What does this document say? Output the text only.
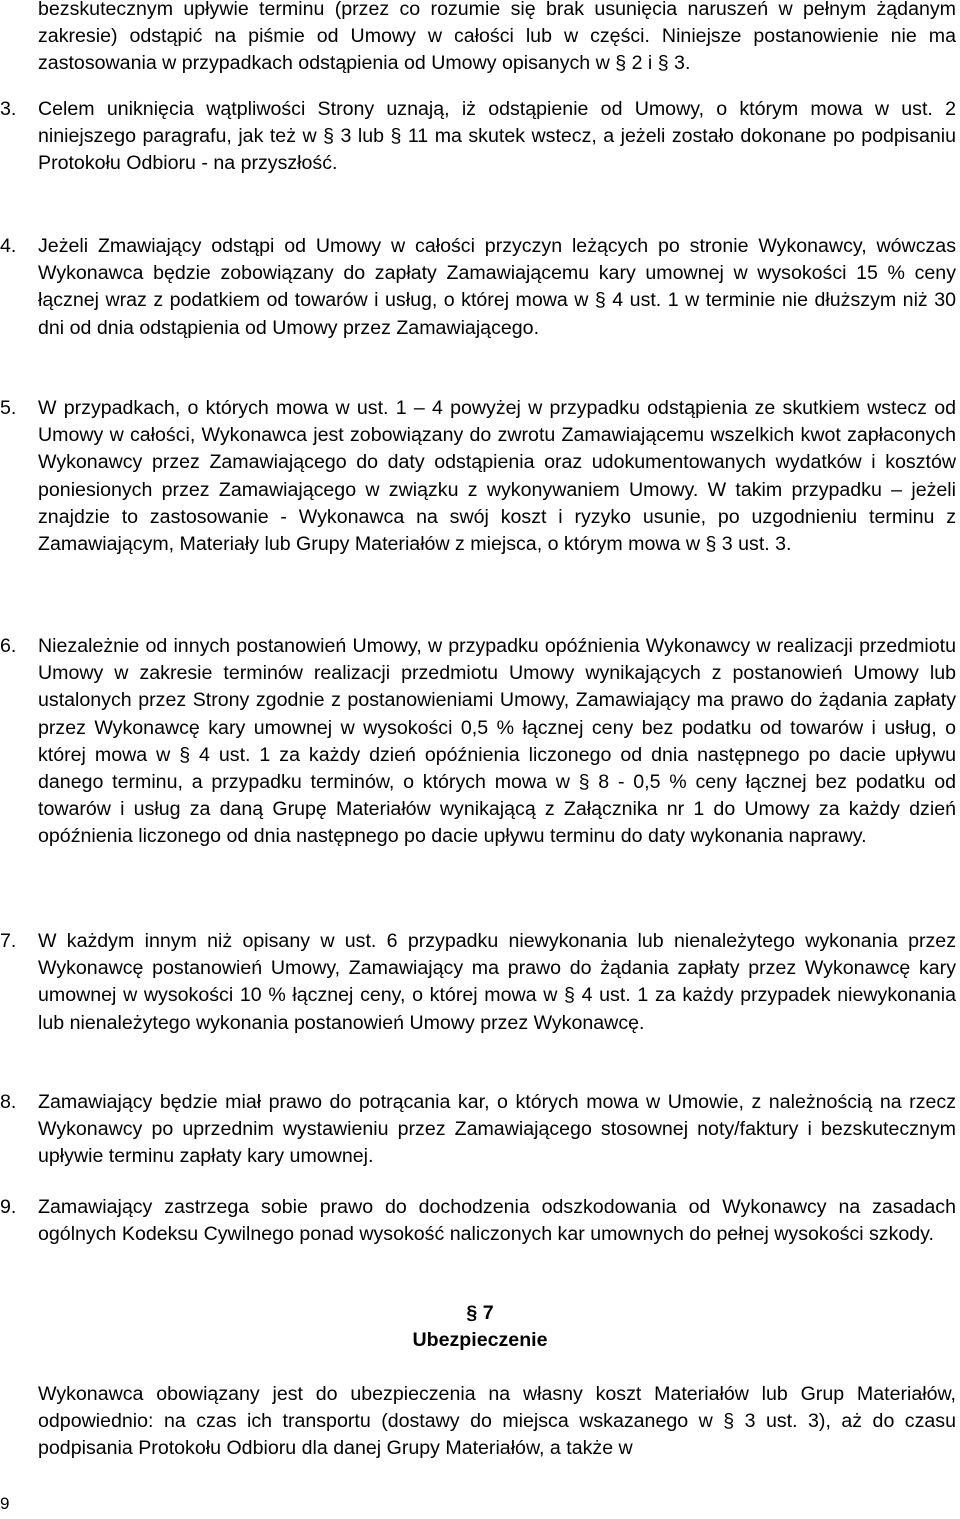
bezskutecznym upływie terminu (przez co rozumie się brak usunięcia naruszeń w pełnym żądanym zakresie) odstąpić na piśmie od Umowy w całości lub w części. Niniejsze postanowienie nie ma zastosowania w przypadkach odstąpienia od Umowy opisanych w § 2 i § 3.

3.	Celem uniknięcia wątpliwości Strony uznają, iż odstąpienie od Umowy, o którym mowa w ust. 2 niniejszego paragrafu, jak też w § 3 lub § 11 ma skutek wstecz, a jeżeli zostało dokonane po podpisaniu Protokołu Odbioru - na przyszłość.
4.	Jeżeli Zmawiający odstąpi od Umowy w całości przyczyn leżących po stronie Wykonawcy, wówczas Wykonawca będzie zobowiązany do zapłaty Zamawiającemu kary umownej w wysokości 15 % ceny łącznej wraz z podatkiem od towarów i usług, o której mowa w § 4 ust. 1 w terminie nie dłuższym niż 30 dni od dnia odstąpienia od Umowy przez Zamawiającego.
5.	W przypadkach, o których mowa w ust. 1 – 4 powyżej w przypadku odstąpienia ze skutkiem wstecz od Umowy w całości, Wykonawca jest zobowiązany do zwrotu Zamawiającemu wszelkich kwot zapłaconych Wykonawcy przez Zamawiającego do daty odstąpienia oraz udokumentowanych wydatków i kosztów poniesionych przez Zamawiającego w związku z wykonywaniem Umowy. W takim przypadku – jeżeli znajdzie to zastosowanie - Wykonawca na swój koszt i ryzyko usunie, po uzgodnieniu terminu z Zamawiającym, Materiały lub Grupy Materiałów z miejsca, o którym mowa w § 3 ust. 3.
6.	Niezależnie od innych postanowień Umowy, w przypadku opóźnienia Wykonawcy w realizacji przedmiotu Umowy w zakresie terminów realizacji przedmiotu Umowy wynikających z postanowień Umowy lub ustalonych przez Strony zgodnie z postanowieniami Umowy, Zamawiający ma prawo do żądania zapłaty przez Wykonawcę kary umownej w wysokości 0,5 % łącznej ceny bez podatku od towarów i usług, o której mowa w § 4 ust. 1 za każdy dzień opóźnienia liczonego od dnia następnego po dacie upływu danego terminu, a przypadku terminów, o których mowa w § 8 - 0,5 % ceny łącznej bez podatku od towarów i usług za daną Grupę Materiałów wynikającą z Załącznika nr 1 do Umowy za każdy dzień opóźnienia liczonego od dnia następnego po dacie upływu terminu do daty wykonania naprawy.
7.	W każdym innym niż opisany w ust. 6 przypadku niewykonania lub nienależytego wykonania przez Wykonawcę postanowień Umowy, Zamawiający ma prawo do żądania zapłaty przez Wykonawcę kary umownej w wysokości 10 % łącznej ceny, o której mowa w § 4 ust. 1 za każdy przypadek niewykonania lub nienależytego wykonania postanowień Umowy przez Wykonawcę.
8.	Zamawiający będzie miał prawo do potrącania kar, o których mowa w Umowie, z należnością na rzecz Wykonawcy po uprzednim wystawieniu przez Zamawiającego stosownej noty/faktury i bezskutecznym upływie terminu zapłaty kary umownej.
9.	Zamawiający zastrzega sobie prawo do dochodzenia odszkodowania od Wykonawcy na zasadach ogólnych Kodeksu Cywilnego ponad wysokość naliczonych kar umownych do pełnej wysokości szkody.

§ 7

Ubezpieczenie

Wykonawca obowiązany jest do ubezpieczenia na własny koszt Materiałów lub Grup Materiałów, odpowiednio: na czas ich transportu (dostawy do miejsca wskazanego w § 3 ust. 3), aż do czasu podpisania Protokołu Odbioru dla danej Grupy Materiałów, a także w

9
